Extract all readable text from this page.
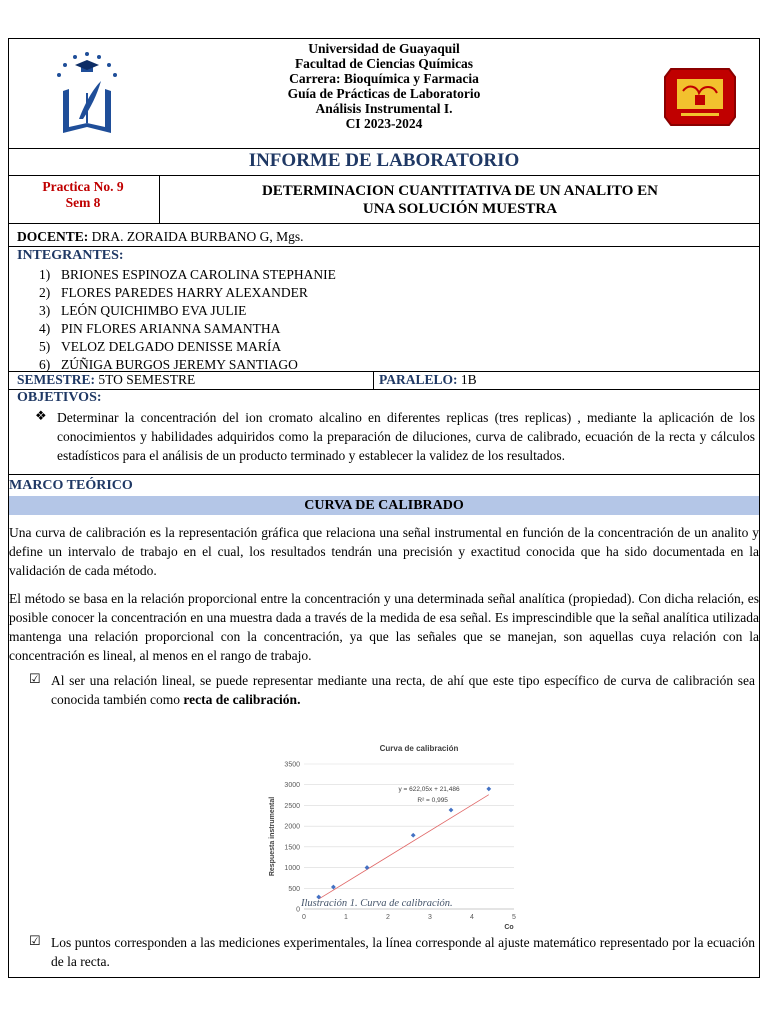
Universidad de Guayaquil
Facultad de Ciencias Químicas
Carrera: Bioquímica y Farmacia
Guía de Prácticas de Laboratorio
Análisis Instrumental I.
CI 2023-2024
INFORME DE LABORATORIO
Practica No. 9
Sem 8
DETERMINACION CUANTITATIVA DE UN ANALITO EN
UNA SOLUCIÓN MUESTRA
DOCENTE: DRA. ZORAIDA BURBANO G, Mgs.
INTEGRANTES:
1) BRIONES ESPINOZA CAROLINA STEPHANIE
2) FLORES PAREDES HARRY ALEXANDER
3) LEÓN QUICHIMBO EVA JULIE
4) PIN FLORES ARIANNA SAMANTHA
5) VELOZ DELGADO DENISSE MARÍA
6) ZÚÑIGA BURGOS JEREMY SANTIAGO
SEMESTRE: 5TO SEMESTRE	PARALELO: 1B
OBJETIVOS:
❖ Determinar la concentración del ion cromato alcalino en diferentes replicas (tres replicas) , mediante la aplicación de los conocimientos y habilidades adquiridos como la preparación de diluciones, curva de calibrado, ecuación de la recta y cálculos estadísticos para el análisis de un producto terminado y establecer la validez de los resultados.
MARCO TEÓRICO
CURVA DE CALIBRADO
Una curva de calibración es la representación gráfica que relaciona una señal instrumental en función de la concentración de un analito y define un intervalo de trabajo en el cual, los resultados tendrán una precisión y exactitud conocida que ha sido documentada en la validación de cada método.
El método se basa en la relación proporcional entre la concentración y una determinada señal analítica (propiedad). Con dicha relación, es posible conocer la concentración en una muestra dada a través de la medida de esa señal. Es imprescindible que la señal analítica utilizada mantenga una relación proporcional con la concentración, ya que las señales que se manejan, son aquellas cuya relación con la concentración es lineal, al menos en el rango de trabajo.
☑ Al ser una relación lineal, se puede representar mediante una recta, de ahí que este tipo específico de curva de calibración sea conocida también como recta de calibración.
0
500
1000
1500
2000
2500
3000
3500
0	1	2	3	4	5
Curva de calibración
Respuesta instrumental
Co
y = 622,05x + 21,486
R² = 0,995
Ilustración 1. Curva de calibración.
☑ Los puntos corresponden a las mediciones experimentales, la línea corresponde al ajuste matemático representado por la ecuación de la recta.
